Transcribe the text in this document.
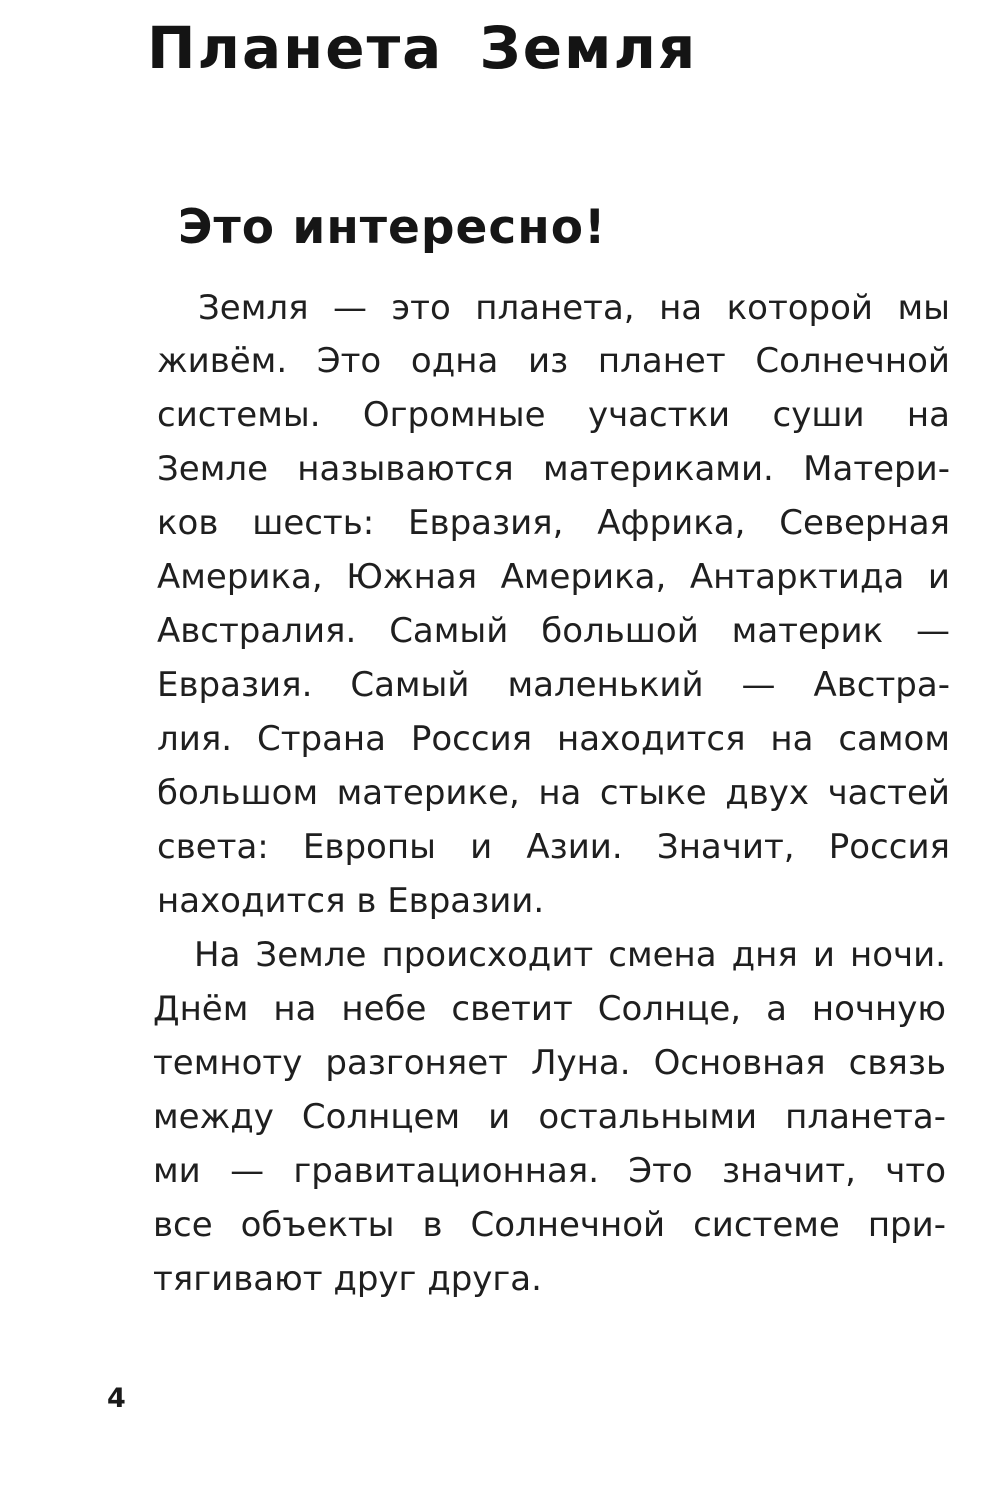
Планета Земля
Это интересно!
Земля — это планета, на которой мы
живём. Это одна из планет Солнечной
системы. Огромные участки суши на
Земле называются материками. Матери-
ков шесть: Евразия, Африка, Северная
Америка, Южная Америка, Антарктида и
Австралия. Самый большой материк —
Евразия. Самый маленький — Австра-
лия. Страна Россия находится на самом
большом материке, на стыке двух частей
света: Европы и Азии. Значит, Россия
находится в Евразии.
На Земле происходит смена дня и ночи.
Днём на небе светит Солнце, а ночную
темноту разгоняет Луна. Основная связь
между Солнцем и остальными планета-
ми — гравитационная. Это значит, что
все объекты в Солнечной системе при-
тягивают друг друга.
4
